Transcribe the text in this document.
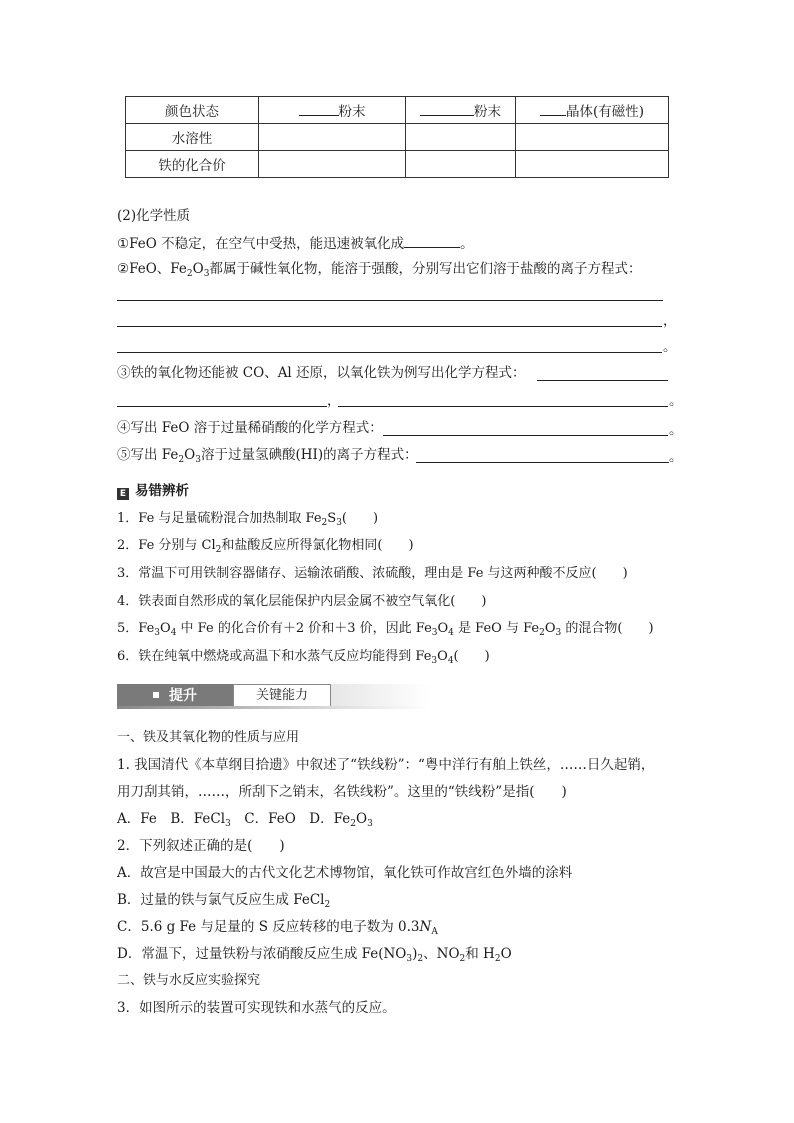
颜色状态	粉末	粉末	晶体(有磁性)
水溶性			
铁的化合价			
(2)化学性质
①FeO 不稳定，在空气中受热，能迅速被氧化成	。
②FeO、$Fe_2O_3$都属于碱性氧化物，能溶于强酸，分别写出它们溶于盐酸的离子方程式：
，
。
③铁的氧化物还能被 CO、Al 还原，以氧化铁为例写出化学方程式：
，	。
④写出 FeO 溶于过量稀硝酸的化学方程式：	。
⑤写出 $Fe_2O_3$溶于过量氢碘酸(HI)的离子方程式：	。
E 易错辨析
1．Fe 与足量硫粉混合加热制取 $Fe_2S_3$(　　)
2．Fe 分别与 $Cl_2$和盐酸反应所得氯化物相同(　　)
3．常温下可用铁制容器储存、运输浓硝酸、浓硫酸，理由是 Fe 与这两种酸不反应(　　)
4．铁表面自然形成的氧化层能保护内层金属不被空气氧化(　　)
5．$Fe_3O_4$ 中 Fe 的化合价有＋2 价和＋3 价，因此 $Fe_3O_4$ 是 FeO 与 $Fe_2O_3$ 的混合物(　　)
6．铁在纯氧中燃烧或高温下和水蒸气反应均能得到 $Fe_3O_4$(　　)
提升	关键能力
一、铁及其氧化物的性质与应用
1. 我国清代《本草纲目拾遗》中叙述了“铁线粉”：“粤中洋行有舶上铁丝，……日久起销，
用刀刮其销，……，所刮下之销末，名铁线粉”。这里的“铁线粉”是指(　　)
A．Fe　B．FeCl$_3$　C．FeO　D．$Fe_2O_3$
2．下列叙述正确的是(　　)
A．故宫是中国最大的古代文化艺术博物馆，氧化铁可作故宫红色外墙的涂料
B．过量的铁与氯气反应生成 FeCl$_2$
C．5.6 g Fe 与足量的 S 反应转移的电子数为 $0.3N_A$
D．常温下，过量铁粉与浓硝酸反应生成 $Fe(NO_3)_2$、$NO_2$和 $H_2O$
二、铁与水反应实验探究
3．如图所示的装置可实现铁和水蒸气的反应。
